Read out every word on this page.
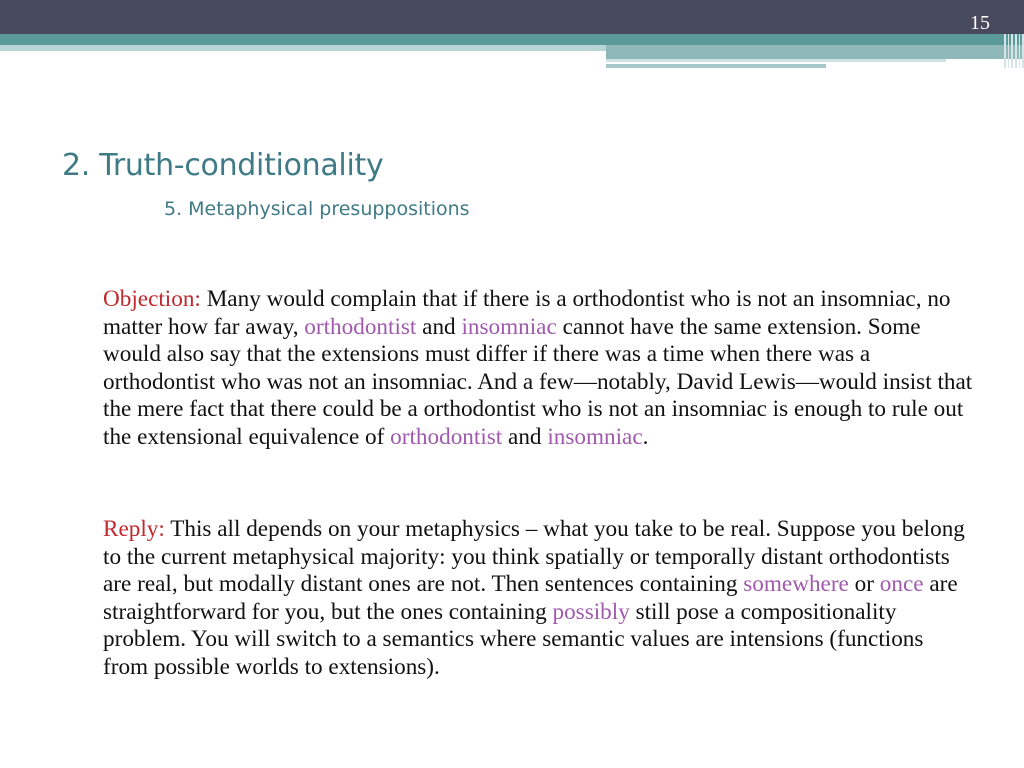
15
2. Truth-conditionality
5. Metaphysical presuppositions

Objection: Many would complain that if there is a orthodontist who is not an insomniac, no matter how far away, orthodontist and insomniac cannot have the same extension. Some would also say that the extensions must differ if there was a time when there was a orthodontist who was not an insomniac. And a few—notably, David Lewis—would insist that the mere fact that there could be a orthodontist who is not an insomniac is enough to rule out the extensional equivalence of orthodontist and insomniac.

Reply: This all depends on your metaphysics – what you take to be real. Suppose you belong to the current metaphysical majority: you think spatially or temporally distant orthodontists are real, but modally distant ones are not. Then sentences containing somewhere or once are straightforward for you, but the ones containing possibly still pose a compositionality problem. You will switch to a semantics where semantic values are intensions (functions from possible worlds to extensions).
